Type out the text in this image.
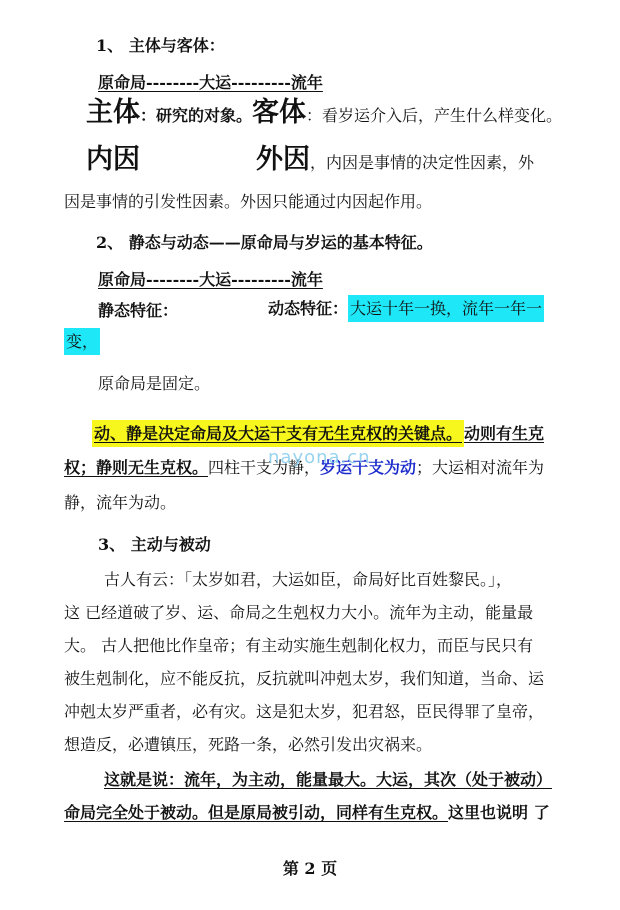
1、 主体与客体：
原命局--------大运---------流年
主体：研究的对象。客体：看岁运介入后，产生什么样变化。
内因	外因，内因是事情的决定性因素，外
因是事情的引发性因素。外因只能通过内因起作用。
2、 静态与动态——原命局与岁运的基本特征。
原命局--------大运---------流年
静态特征：	动态特征： 大运十年一换，流年一年一
变，
原命局是固定。
动、静是决定命局及大运干支有无生克权的关键点。 动则有生克
权；静则无生克权。四柱干支为静，岁运干支为动；大运相对流年为
静，流年为动。
nayona.cn
3、 主动与被动
古人有云：「太岁如君，大运如臣，命局好比百姓黎民。」，
这 已经道破了岁、运、命局之生剋权力大小。流年为主动，能量最
大。 古人把他比作皇帝；有主动实施生剋制化权力，而臣与民只有
被生剋制化，应不能反抗，反抗就叫冲剋太岁，我们知道，当命、运
冲剋太岁严重者，必有灾。这是犯太岁，犯君怒，臣民得罪了皇帝，
想造反，必遭镇压，死路一条，必然引发出灾祸来。
这就是说：流年，为主动，能量最大。大运，其次（处于被动）
命局完全处于被动。但是原局被引动，同样有生克权。这里也说明 了
第 2 页
